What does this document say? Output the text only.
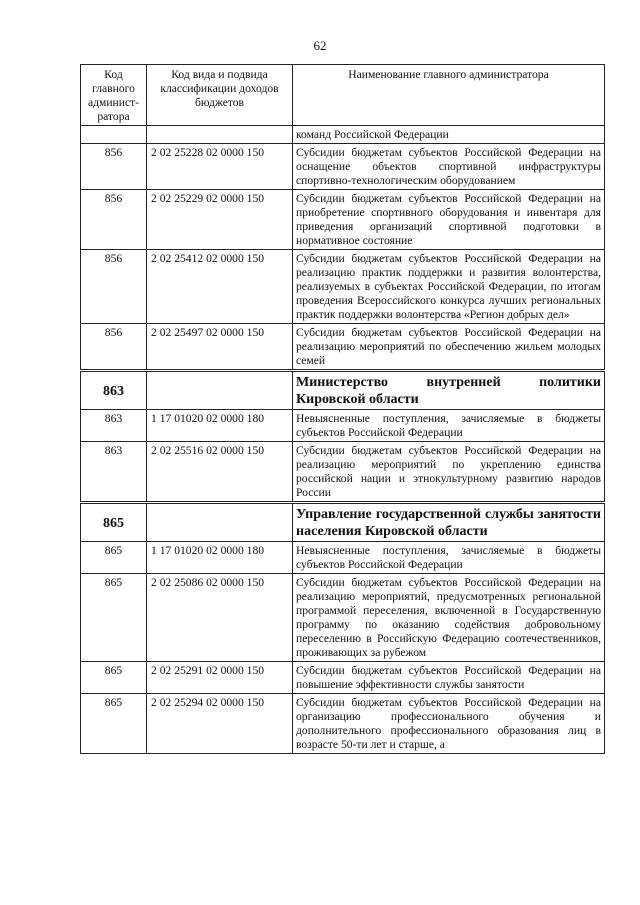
62
Код главного админист-ратора	Код вида и подвида классификации доходов бюджетов	Наименование главного администратора
		команд Российской Федерации
856	2 02 25228 02 0000 150	Субсидии бюджетам субъектов Российской Федерации на оснащение объектов спортивной инфраструктуры спортивно-технологическим оборудованием
856	2 02 25229 02 0000 150	Субсидии бюджетам субъектов Российской Федерации на приобретение спортивного оборудования и инвентаря для приведения организаций спортивной подготовки в нормативное состояние
856	2 02 25412 02 0000 150	Субсидии бюджетам субъектов Российской Федерации на реализацию практик поддержки и развития волонтерства, реализуемых в субъектах Российской Федерации, по итогам проведения Всероссийского конкурса лучших региональных практик поддержки волонтерства «Регион добрых дел»
856	2 02 25497 02 0000 150	Субсидии бюджетам субъектов Российской Федерации на реализацию мероприятий по обеспечению жильем молодых семей
863		Министерство внутренней политики Кировской области
863	1 17 01020 02 0000 180	Невыясненные поступления, зачисляемые в бюджеты субъектов Российской Федерации
863	2 02 25516 02 0000 150	Субсидии бюджетам субъектов Российской Федерации на реализацию мероприятий по укреплению единства российской нации и этнокультурному развитию народов России
865		Управление государственной службы занятости населения Кировской области
865	1 17 01020 02 0000 180	Невыясненные поступления, зачисляемые в бюджеты субъектов Российской Федерации
865	2 02 25086 02 0000 150	Субсидии бюджетам субъектов Российской Федерации на реализацию мероприятий, предусмотренных региональной программой переселения, включенной в Государственную программу по оказанию содействия добровольному переселению в Российскую Федерацию соотечественников, проживающих за рубежом
865	2 02 25291 02 0000 150	Субсидии бюджетам субъектов Российской Федерации на повышение эффективности службы занятости
865	2 02 25294 02 0000 150	Субсидии бюджетам субъектов Российской Федерации на организацию профессионального обучения и дополнительного профессионального образования лиц в возрасте 50-ти лет и старше, а
